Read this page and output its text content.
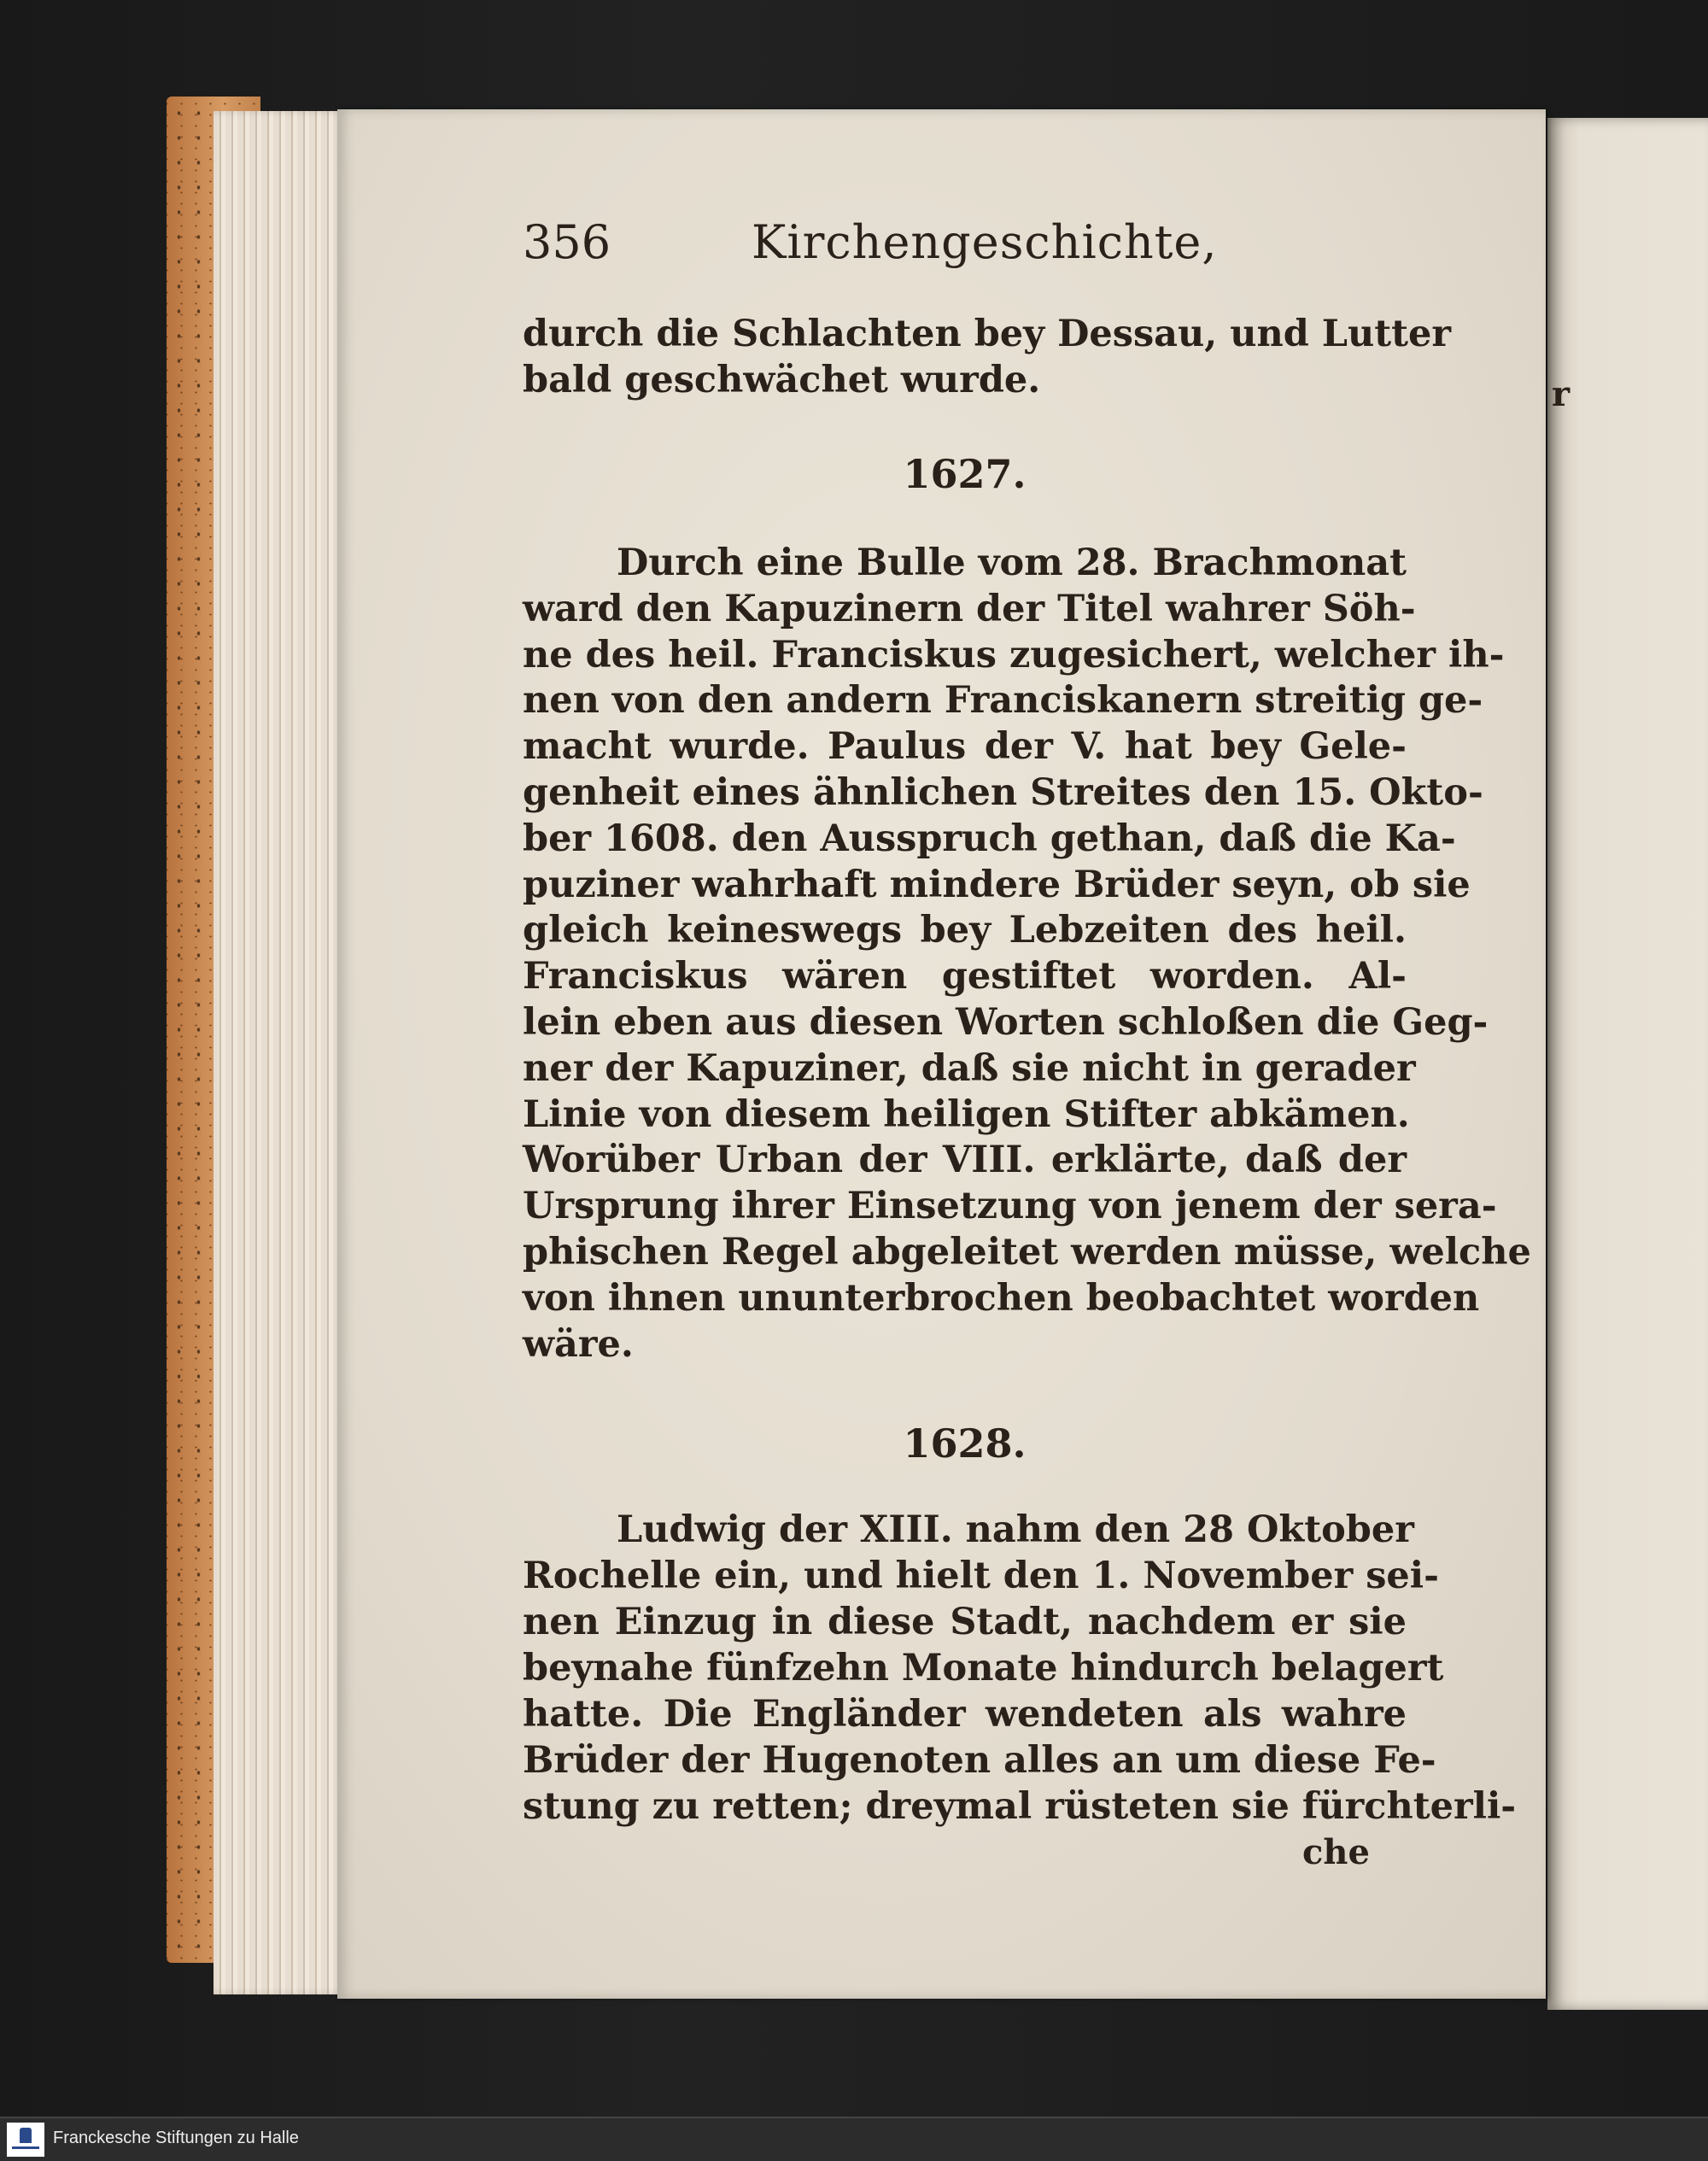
r
356	Kirchengeschichte,
durch die Schlachten bey Dessau, und Lutter
bald geschwächet wurde.
1627.
Durch eine Bulle vom 28. Brachmonat
ward den Kapuzinern der Titel wahrer Söh-
ne des heil. Franciskus zugesichert, welcher ih-
nen von den andern Franciskanern streitig ge-
macht wurde. Paulus der V. hat bey Gele-
genheit eines ähnlichen Streites den 15. Okto-
ber 1608. den Ausspruch gethan, daß die Ka-
puziner wahrhaft mindere Brüder seyn, ob sie
gleich keineswegs bey Lebzeiten des heil.
Franciskus wären gestiftet worden. Al-
lein eben aus diesen Worten schloßen die Geg-
ner der Kapuziner, daß sie nicht in gerader
Linie von diesem heiligen Stifter abkämen.
Worüber Urban der VIII. erklärte, daß der
Ursprung ihrer Einsetzung von jenem der sera-
phischen Regel abgeleitet werden müsse, welche
von ihnen ununterbrochen beobachtet worden
wäre.
1628.
Ludwig der XIII. nahm den 28 Oktober
Rochelle ein, und hielt den 1. November sei-
nen Einzug in diese Stadt, nachdem er sie
beynahe fünfzehn Monate hindurch belagert
hatte. Die Engländer wendeten als wahre
Brüder der Hugenoten alles an um diese Fe-
stung zu retten; dreymal rüsteten sie fürchterli-
che
Franckesche Stiftungen zu Halle
